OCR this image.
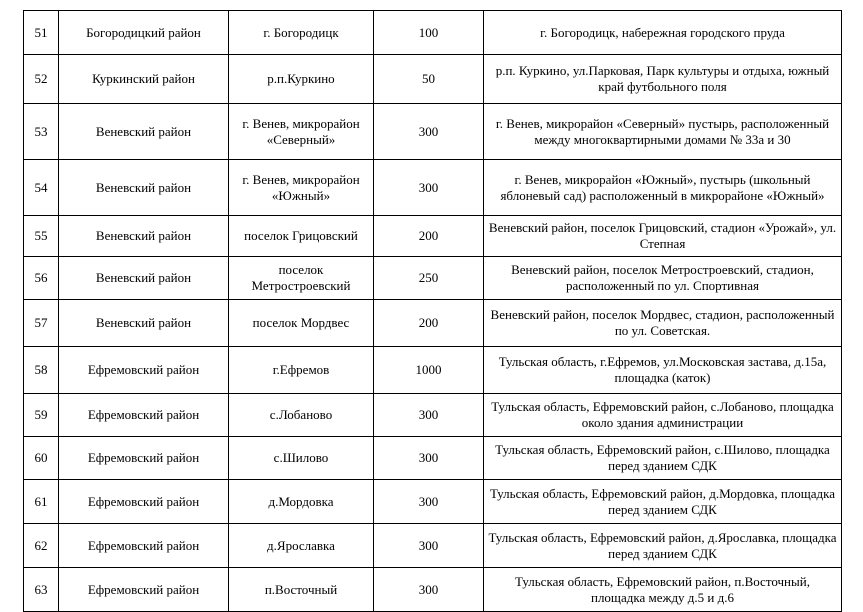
51	Богородицкий район	г. Богородицк	100	г. Богородицк, набережная городского пруда
52	Куркинский район	р.п.Куркино	50	р.п. Куркино, ул.Парковая, Парк культуры и отдыха, южный край футбольного поля
53	Веневский район	г. Венев, микрорайон «Северный»	300	г. Венев, микрорайон «Северный» пустырь, расположенный между многоквартирными домами № 33а и 30
54	Веневский район	г. Венев, микрорайон «Южный»	300	г. Венев, микрорайон «Южный», пустырь (школьный яблоневый сад) расположенный в микрорайоне «Южный»
55	Веневский район	поселок Грицовский	200	Веневский район, поселок Грицовский, стадион «Урожай», ул. Степная
56	Веневский район	поселок Метростроевский	250	Веневский район, поселок Метростроевский, стадион, расположенный по ул. Спортивная
57	Веневский район	поселок Мордвес	200	Веневский район, поселок Мордвес, стадион, расположенный по ул. Советская.
58	Ефремовский район	г.Ефремов	1000	Тульская область, г.Ефремов, ул.Московская застава, д.15а, площадка (каток)
59	Ефремовский район	с.Лобаново	300	Тульская область, Ефремовский район, с.Лобаново, площадка около здания администрации
60	Ефремовский район	с.Шилово	300	Тульская область, Ефремовский район, с.Шилово, площадка перед зданием СДК
61	Ефремовский район	д.Мордовка	300	Тульская область, Ефремовский район, д.Мордовка, площадка перед зданием СДК
62	Ефремовский район	д.Ярославка	300	Тульская область, Ефремовский район, д.Ярославка, площадка перед зданием СДК
63	Ефремовский район	п.Восточный	300	Тульская область, Ефремовский район, п.Восточный, площадка между д.5 и д.6
